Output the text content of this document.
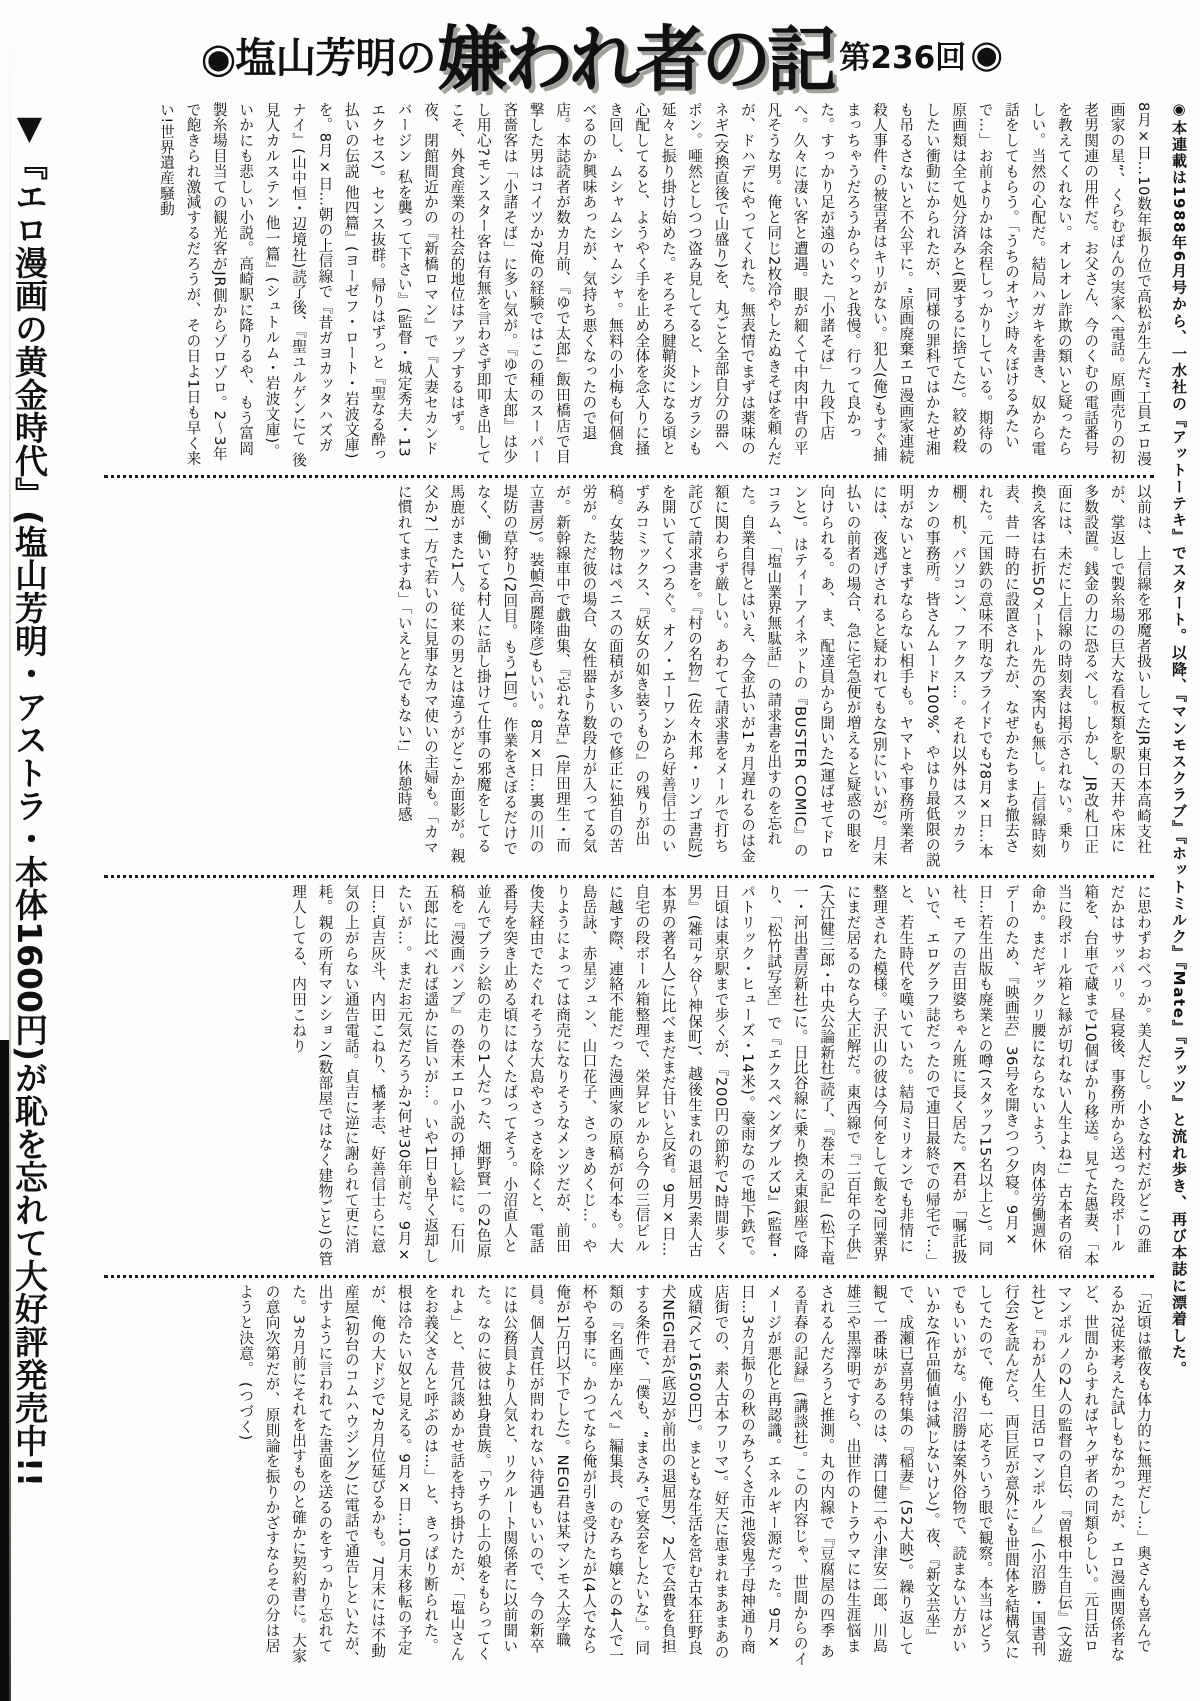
◉塩山芳明の 嫌われ者の記 第236回 ◉
▼『エロ漫画の黄金時代』(塩山芳明・アストラ・本体1600円)が恥を忘れて大好評発売中!!	8月×日…10数年振り位で高松が生んだ“工員エロ漫画家の星”、くらむぽんの実家へ電話。原画売りの初老男関連の用件だ。お父さん、今のくむの電話番号を教えてくれない。オレオレ詐欺の類いと疑ったらしい。当然の心配だ。結局ハガキを書き、奴から電話をしてもらう。「うちのオヤジ時々ぼけるみたいで…」お前よりかは余程しっかりしている。期待の原画類は全て処分済みと(要するに捨てた)。絞め殺したい衝動にかられたが、同様の罪科ではかたせ湘も吊るさないと不公平に。“原画廃棄エロ漫画家連続殺人事件”の被害者はキリがない。犯人(俺)もすぐ捕まっちゃうだろうからぐっと我慢。行って良かった。すっかり足が遠のいた「小諸そば」九段下店へ。久々に凄い客と遭遇。眼が細くて中肉中背の平凡そうな男。俺と同じ2枚冷やしたぬきそばを頼んだが、ドハデにやってくれた。無表情でまずは薬味のネギ(交換直後で山盛り)を、丸ごと全部自分の器へポン。唖然としつつ盗み見してると、トンガラシも延々と振り掛け始めた。そろそろ腱鞘炎になる頃と心配してると、ようやく手を止め全体を念入りに掻き回し、ムシャムシャムシャ。無料の小梅も何個食べるのか興味あったが、気持ち悪くなったので退店。本誌読者が数カ月前、『ゆで太郎』飯田橋店で目撃した男はコイツか?俺の経験ではこの種のスーパー吝嗇客は「小諸そば」に多い気が。『ゆで太郎』は少し用心?モンスター客は有無を言わさず即叩き出してこそ、外食産業の社会的地位はアップするはず。夜、閉館間近かの『新橋ロマン』で『人妻セカンドバージン 私を襲って下さい』(監督・城定秀夫・13エクセス)。センス抜群。帰りはずっと『聖なる酔っ払いの伝説 他四篇』(ヨーゼフ・ロート・岩波文庫)を。8月×日…朝の上信線で『昔ガヨカッタハズガナイ』(山中恒・辺境社)読了後、『聖ユルゲンにて 後見人カルステン 他一篇』(シュトルム・岩波文庫)。いかにも悲しい小説。高崎駅に降りるや、もう富岡製糸場目当ての観光客がJR側からゾロゾロ。2〜3年で飽きられ激減するだろうが、その日よ1日も早く来い!世界遺産騒動
以前は、上信線を邪魔者扱いしてたJR東日本高崎支社が、掌返しで製糸場の巨大な看板類を駅の天井や床に多数設置。銭金の力に恐るべし。しかし、JR改札口正面には、未だに上信線の時刻表は掲示されない。乗り換え客は右折50メートル先の案内も無し。上信線時刻表、昔一時的に設置されたが、なぜかたちまち撤去された。元国鉄の意味不明なプライドでも?8月×日…本棚、机、パソコン、ファクス…。それ以外はスッカラカンの事務所。皆さんムード100%、やはり最低限の説明がないとまずならない相手も。ヤマトや事務所業者には、夜逃げされると疑われてもな(別にいいが)。月末払いの前者の場合、急に宅急便が増えると疑惑の眼を向けられる。あ、ま、配達員から聞いた(運ばせてドロンと)。はティーアイネットの『BUSTER COMIC』のコラム、「塩山業界無駄話」の請求書を出すのを忘れた。自業自得とはいえ、今金払いが1ヵ月遅れるのは金額に関わらず厳しい。あわてて請求書をメールで打ち詫びて請求書を。『村の名物』(佐々木邦・リンゴ書院)を開いてくつろぐ。オノ・エーワンから好善信士のいずみコミックス、『妖女の如き装うもの』の残りが出稿。女装物はペニスの面積が多いので修正に独自の苦労が。ただ彼の場合、女性器より数段力が入ってる気が。新幹線車中で戯曲集、『忘れな草』(岸田理生・而立書房)。装幀(高麗隆彦)もいい。8月×日…裏の川の堤防の草狩り(2回目。もう1回)。作業をさぼるだけでなく、働いてる村人に話し掛けて仕事の邪魔をしてる馬鹿がまた1人。従来の男とは違うがどこか面影が。親父か?一方で若いのに見事なカマ使いの主婦も。「カマに慣れてますね」「いえとんでもない!」休憩時感
に思わずおべっか。美人だし。小さな村だがどこの誰だかはサッパリ。昼寝後、事務所から送った段ボール箱を、台車で蔵まで10個ばかり移送。見てた愚妻、「本当に段ボール箱と縁が切れない人生よね!」古本者の宿命か。まだギックリ腰にならないよう、肉体労働週休デーのため、『映画芸』36号を開きつつ夕寝。9月×日…若生出版も廃業との噂(スタッフ15名以上と)。同社、モアの吉田婆ちゃん班に長く居た。K君が「嘱託扱いで、エログラフ誌だったので連日最終での帰宅で…」と、若生時代を嘆いていた。結局ミリオンでも非情に整理された模様。子沢山の彼は今何をして飯を?同業界にまだ居るのなら大正解だ。東西線で『二百年の子供』(大江健三郎・中央公論新社)読了、『巻末の記』(松下竜一・河出書房新社)に。日比谷線に乗り換え東銀座で降り、「松竹試写室」で『エクスペンダブルズ3』(監督・パトリック・ヒューズ・14米)。豪雨なので地下鉄で。日頃は東京駅まで歩くが、『200円の節約で2時間歩く男』(雑司ヶ谷〜神保町)、越後生まれの退屈男(素人古本界の著名人)に比べまだまだ甘いと反省。9月×日…自宅の段ボール箱整理で、栄昇ビルから今の三信ビルに越す際、連絡不能だった漫画家の原稿が何本も。大島岳詠、赤星ジュン、山口花子、さっきめくじ…。やりようによっては商売になりそうなメンツだが、前田俊夫経由でたぐれそうな大島やさっさを除くと、電話番号を突き止める頃にはくたばってそう。小沼直人と並んでブラシ絵の走りの1人だった、畑野賢一の2色原稿を『漫画バンプ』の巻末エロ小説の挿し絵に。石川五郎に比べれば遥かに旨いが…。いや1日も早く返却したいが…。まだお元気だろうか?何せ30年前だ。9月×日…貞吉灰斗、内田こねり、橘孝志、好善信士らに意気の上がらない通告電話。貞吉に逆に謝られて更に消耗。親の所有マンション(数部屋ではなく建物ごと)の管理人してる、内田こねり
「近頃は徹夜も体力的に無理だし…」奥さんも喜んでるか?従来考えた試しもなかったが、エロ漫画関係者など、世間からすればヤクザ者の同類らしい。元日活ロマンポルノの2人の監督の自伝、『曽根中生自伝』(文遊社)と『わが人生 日活ロマンポルノ』(小沼勝・国書刊行会)を読んだら、両巨匠が意外にも世間体を結構気にしてたので、俺も一応そういう眼で観察。本当はどうでもいいがな。小沼勝は案外俗物で、読まない方がいいかな(作品価値は減じないけど)。夜、『新文芸坐』で、成瀬已喜男特集の『稲妻』(52大映)。繰り返して観て一番味があるのは、溝口健二や小津安二郎、川島雄三や黒澤明ですら、出世作のトラウマには生涯悩まされるんだろうと推測。丸の内線で『豆腐屋の四季 ある青春の記録』(講談社)。この内容じゃ、世間からのイメージが悪化と再認識。エネルギー源だった。9月×日…3カ月振りの秋のみちくさ市(池袋鬼子母神通り商店街での、素人古本フリマ)。好天に恵まれまあまあの成績(〆て16500円)。まともな生活を営む古本狂野良犬NEGI君が(底辺が前出の退屈男)、2人で会費を負担する条件で、「僕も、“まさみ”で宴会をしたいな」。同類の『名画座かんぺ』編集長、のむみち嬢との4人で一杯やる事に。かつてなら俺が引き受けたが(4人でなら俺が1万円以下でした)。NEGI君は某マンモス大学職員。個人責任が問われない待遇もいいので、今の新卒には公務員より人気と、リクルート関係者に以前聞いた。なのに彼は独身貴族。「ウチの上の娘をもらってくれよ」と、昔冗談めかせ話を持ち掛けたが、「塩山さんをお義父さんと呼ぶのは…」と、きっぱり断られた。根は冷たい奴と見える。9月×日…10月末移転の予定が、俺の大ドジで2カ月位延びるかも。7月末には不動産屋(初台のコムハウジング)に電話で通告しといたが、出すように言われてた書面を送るのをすっかり忘れてた。3カ月前にそれを出すものと確かに契約書に。大家の意向次第だが、原則論を振りかざすならその分は居ようと決意。 (つづく)	◉本連載は1988年6月号から、一水社の『アットーテキ』でスタート。以降、『マンモスクラブ』『ホットミルク』『Mate』『ラッツ』と流れ歩き、再び本誌に漂着した。
